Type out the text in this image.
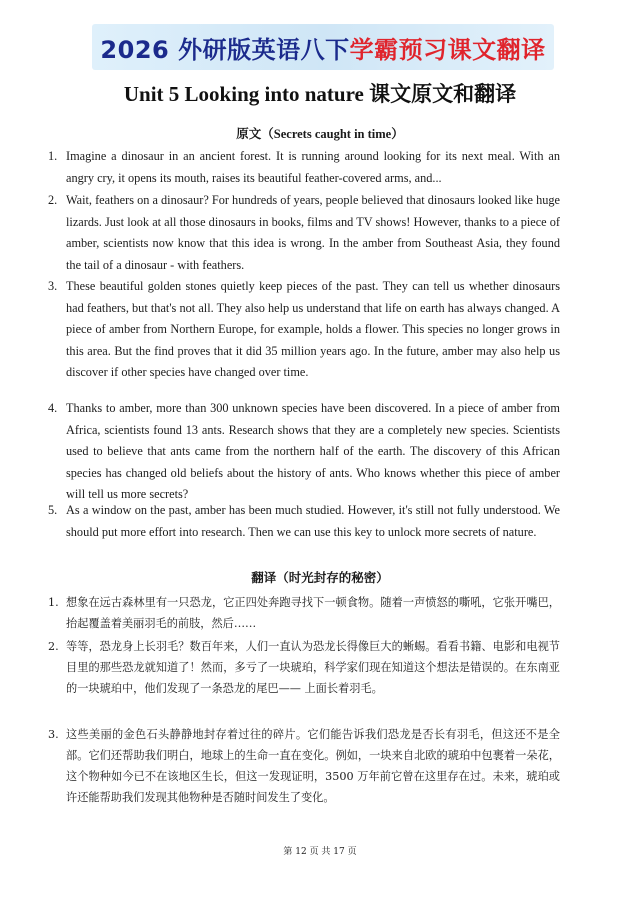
2026 外研版 英语八下 学霸预习课文翻译
Unit 5 Looking into nature 课文原文和翻译
原文（Secrets caught in time）
1. Imagine a dinosaur in an ancient forest. It is running around looking for its next meal. With an angry cry, it opens its mouth, raises its beautiful feather-covered arms, and...
2. Wait, feathers on a dinosaur? For hundreds of years, people believed that dinosaurs looked like huge lizards. Just look at all those dinosaurs in books, films and TV shows! However, thanks to a piece of amber, scientists now know that this idea is wrong. In the amber from Southeast Asia, they found the tail of a dinosaur - with feathers.
3. These beautiful golden stones quietly keep pieces of the past. They can tell us whether dinosaurs had feathers, but that's not all. They also help us understand that life on earth has always changed. A piece of amber from Northern Europe, for example, holds a flower. This species no longer grows in this area. But the find proves that it did 35 million years ago. In the future, amber may also help us discover if other species have changed over time.
4. Thanks to amber, more than 300 unknown species have been discovered. In a piece of amber from Africa, scientists found 13 ants. Research shows that they are a completely new species. Scientists used to believe that ants came from the northern half of the earth. The discovery of this African species has changed old beliefs about the history of ants. Who knows whether this piece of amber will tell us more secrets?
5. As a window on the past, amber has been much studied. However, it's still not fully understood. We should put more effort into research. Then we can use this key to unlock more secrets of nature.
翻译（时光封存的秘密）
1. 想象在远古森林里有一只恐龙，它正四处奔跑寻找下一顿食物。随着一声愤怒的嘶吼，它张开嘴巴，抬起覆盖着美丽羽毛的前肢，然后……
2. 等等，恐龙身上长羽毛？数百年来，人们一直认为恐龙长得像巨大的蜥蜴。看看书籍、电影和电视节目里的那些恐龙就知道了！然而，多亏了一块琥珀，科学家们现在知道这个想法是错误的。在东南亚的一块琥珀中，他们发现了一条恐龙的尾巴—— 上面长着羽毛。
3. 这些美丽的金色石头静静地封存着过往的碎片。它们能告诉我们恐龙是否长有羽毛，但这还不是全部。它们还帮助我们明白，地球上的生命一直在变化。例如，一块来自北欧的琥珀中包裹着一朵花，这个物种如今已不在该地区生长，但这一发现证明，3500 万年前它曾在这里存在过。未来，琥珀或许还能帮助我们发现其他物种是否随时间发生了变化。
第 12 页 共 17 页
